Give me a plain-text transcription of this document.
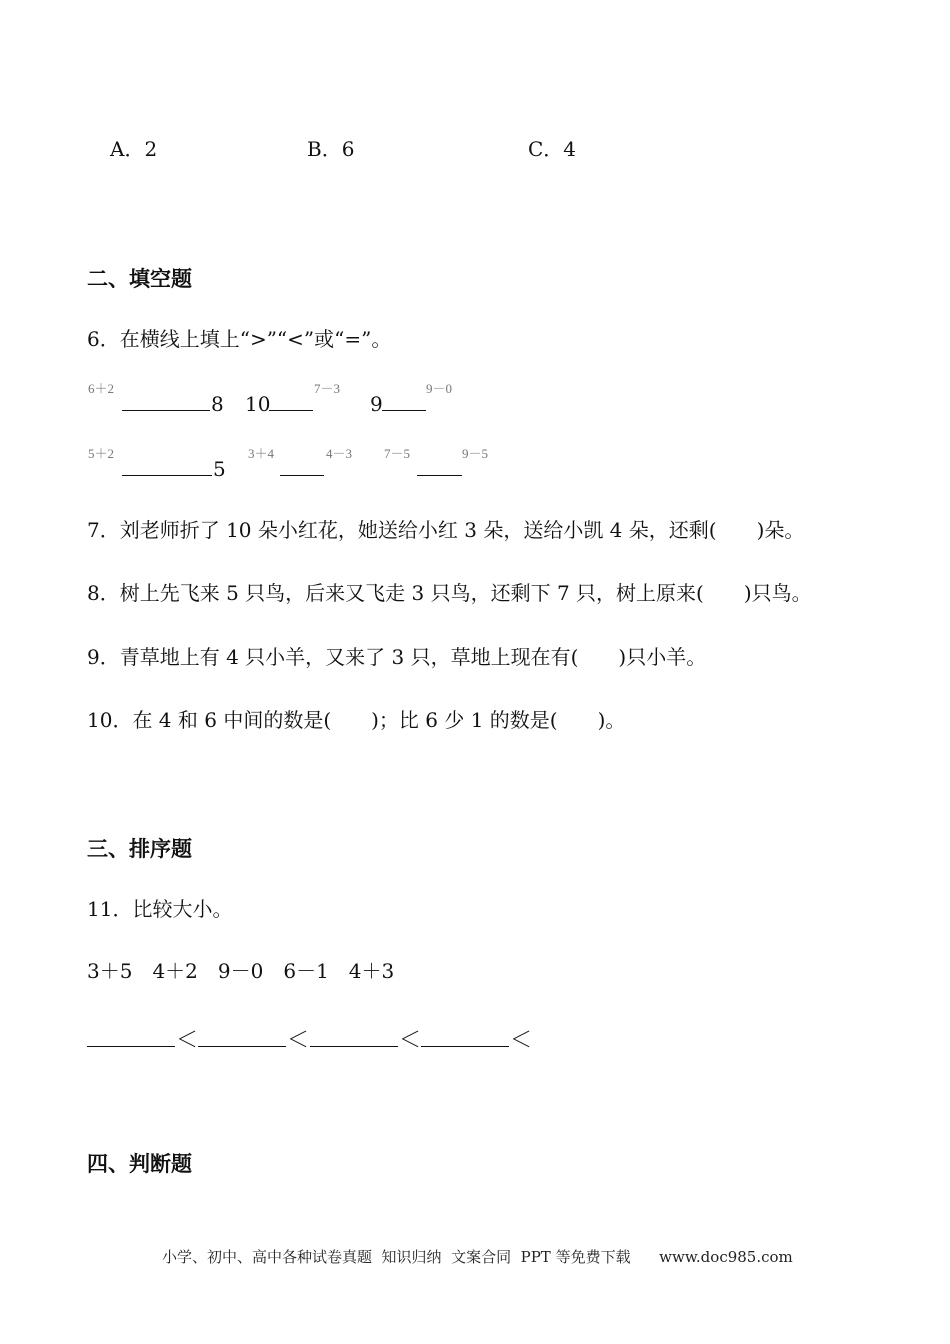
A．2	B．6	C．4
二、填空题
6．在横线上填上“>”“<”或“=”。
6＋2
8 10
7－3
9
9－0
5＋2
5
3＋4	4－3 7－5	9－5
7．刘老师折了 10 朵小红花，她送给小红 3 朵，送给小凯 4 朵，还剩(　　)朵。
8．树上先飞来 5 只鸟，后来又飞走 3 只鸟，还剩下 7 只，树上原来(　　)只鸟。
9．青草地上有 4 只小羊，又来了 3 只，草地上现在有(　　)只小羊。
10．在 4 和 6 中间的数是(　　)；比 6 少 1 的数是(　　)。
三、排序题
11．比较大小。
3＋5　4＋2　9－0　6－1　4＋3
＜	＜	＜	＜
四、判断题
小学、初中、高中各种试卷真题  知识归纳  文案合同  PPT 等免费下载      www.doc985.com
